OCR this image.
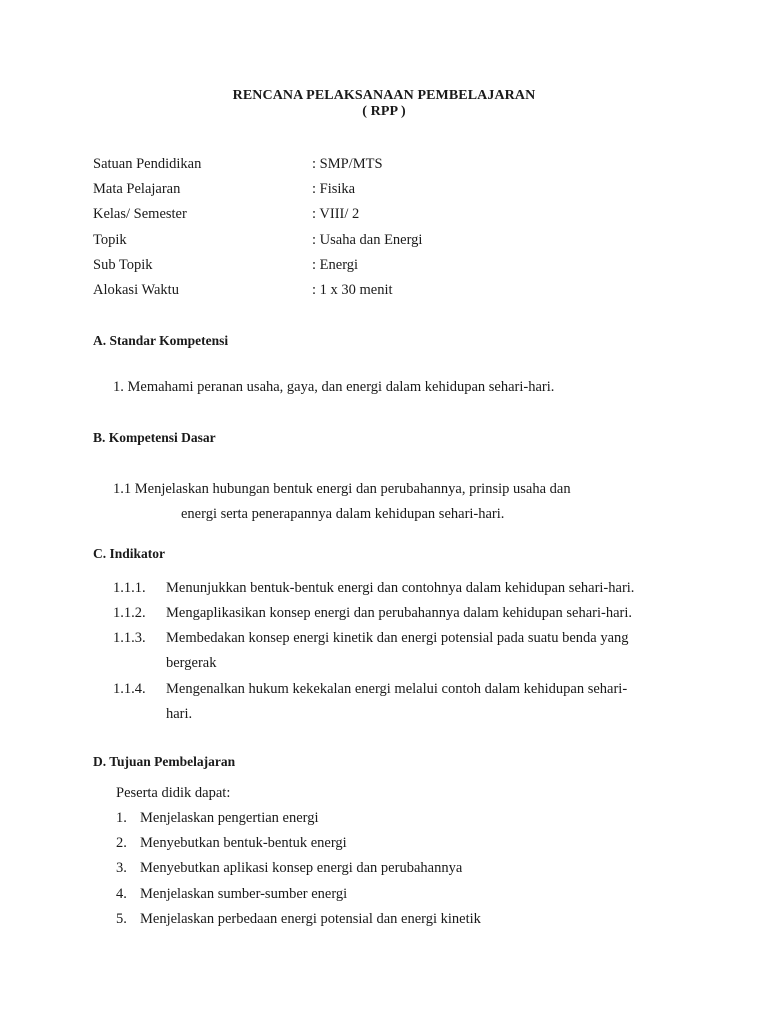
RENCANA PELAKSANAAN PEMBELAJARAN
( RPP )
Satuan Pendidikan	: SMP/MTS
Mata Pelajaran	: Fisika
Kelas/ Semester	: VIII/ 2
Topik	: Usaha dan Energi
Sub Topik	: Energi
Alokasi Waktu	: 1 x 30 menit
A. Standar Kompetensi
1. Memahami peranan usaha, gaya, dan energi dalam kehidupan sehari-hari.
B. Kompetensi Dasar
1.1 Menjelaskan hubungan bentuk energi dan perubahannya, prinsip usaha dan
energi serta penerapannya dalam kehidupan sehari-hari.
C. Indikator
1.1.1. Menunjukkan bentuk-bentuk energi dan contohnya dalam kehidupan sehari-hari.
1.1.2. Mengaplikasikan konsep energi dan perubahannya dalam kehidupan sehari-hari.
1.1.3. Membedakan konsep energi kinetik dan energi potensial pada suatu benda yang
bergerak
1.1.4. Mengenalkan hukum kekekalan energi melalui contoh dalam kehidupan sehari-
hari.
D. Tujuan Pembelajaran
Peserta didik dapat:
1. Menjelaskan pengertian energi
2. Menyebutkan bentuk-bentuk energi
3. Menyebutkan aplikasi konsep energi dan perubahannya
4. Menjelaskan sumber-sumber energi
5. Menjelaskan perbedaan energi potensial dan energi kinetik
